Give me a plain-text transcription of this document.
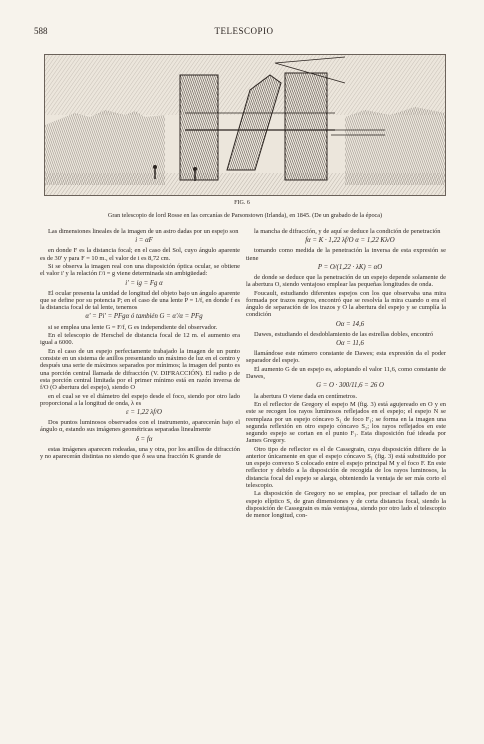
588	TELESCOPIO
FIG. 6
Gran telescopio de lord Rosse en las cercanías de Parsonstown (Irlanda), en 1845. (De un grabado de la época)

Las dimensiones lineales de la imagen de un astro dadas por un espejo son

i = αF

en donde F es la distancia focal; en el caso del Sol, cuyo ángulo aparente es de 30' y para F = 10 m., el valor de i es 8,72 cm.

Si se observa la imagen real con una disposición óptica ocular, se obtiene el valor i' y la relación i'/i = g viene determinada sin ambigüedad:

i' = ig = Fg α

El ocular presenta la unidad de longitud del objeto bajo un ángulo aparente que se define por su potencia P; en el caso de una lente P = 1/f, en donde f es la distancia focal de tal lente, tenemos

α' = Pi' = PFgα ó también G = α'/α = PFg

si se emplea una lente G = F/f, G es independiente del observador.

En el telescopio de Herschel de distancia focal de 12 m. el aumento era igual a 6000.

En el caso de un espejo perfectamente trabajado la imagen de un punto consiste en un sistema de anillos presentando un máximo de luz en el centro y después una serie de máximos separados por mínimos; la imagen del punto es una porción central llamada de difracción (V. DIFRACCIÓN). El radio ρ de esta porción central limitada por el primer mínimo está en razón inversa de f/O (O abertura del espejo), siendo O

en el cual se ve el diámetro del espejo desde el foco, siendo por otro lado proporcional a la longitud de onda, λ es

ε = 1,22 λf/O

Dos puntos luminosos observados con el instrumento, aparecerán bajo el ángulo α, estando sus imágenes geométricas separadas linealmente

δ = fα

estas imágenes aparecen rodeadas, una y otra, por los anillos de difracción y no aparecerán distintas no siendo que δ sea una fracción K grande de

la mancha de difracción, y de aquí se deduce la condición de penetración

fα = K · 1,22 λf/O α = 1,22 Kλ/O

tomando como medida de la penetración la inversa de esta expresión se tiene

P = O/(1,22 · λK) = αO

de donde se deduce que la penetración de un espejo depende solamente de la abertura O, siendo ventajoso emplear las pequeñas longitudes de onda.

Foucault, estudiando diferentes espejos con los que observaba una mira formada por trazos negros, encontró que se resolvía la mira cuando α era el ángulo de separación de los trazos y O la abertura del espejo y se cumplía la condición

Oα = 14,6

Dawes, estudiando el desdoblamiento de las estrellas dobles, encontró

Oα = 11,6

llamándose este número constante de Dawes; esta expresión da el poder separador del espejo.

El aumento G de un espejo es, adoptando el valor 11,6, como constante de Dawes,

G = O · 300/11,6 = 26 O

la abertura O viene dada en centímetros.

En el reflector de Gregory el espejo M (fig. 3) está agujereado en O y en este se recogen los rayos luminosos reflejados en el espejo; el espejo N se reemplaza por un espejo cóncavo S₁ de foco F₁; se forma en la imagen una segunda reflexión en otro espejo cóncavo S₂; los rayos reflejados en este segundo espejo se cortan en el punto F₁. Esta disposición fué ideada por James Gregory.

Otro tipo de reflector es el de Cassegrain, cuya disposición difiere de la anterior únicamente en que el espejo cóncavo S₁ (fig. 3) está substituído por un espejo convexo S colocado entre el espejo principal M y el foco F. En este reflector y debido a la disposición de recogida de los rayos luminosos, la distancia focal del espejo se alarga, obteniendo la ventaja de ser más corto el telescopio.

La disposición de Gregory no se emplea, por precisar el tallado de un espejo elíptico S, de gran dimensiones y de corta distancia focal, siendo la disposición de Cassegrain es más ventajosa, siendo por otro lado el telescopio de menor longitud, con-
